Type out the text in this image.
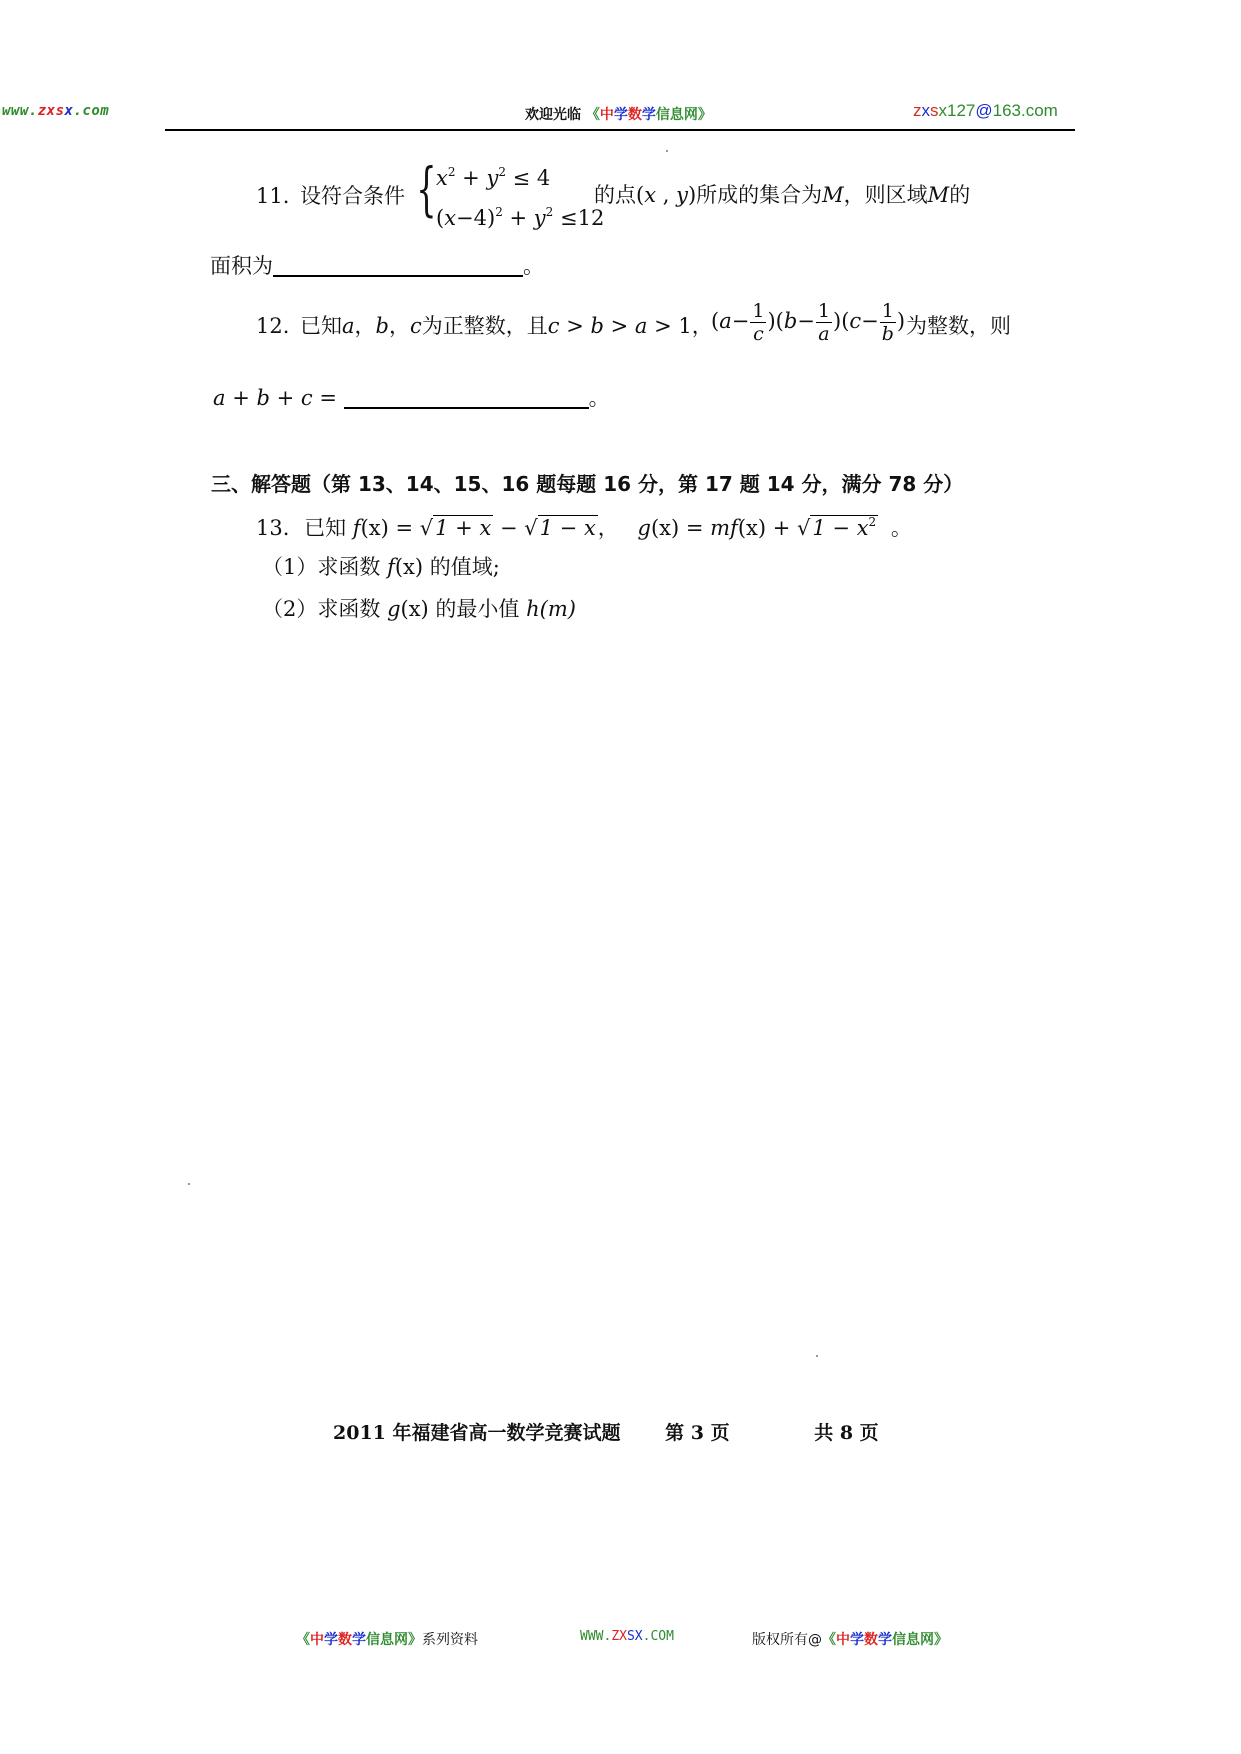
www.zxsx.com	欢迎光临 《中学数学信息网》	zxsx127@163.com
11. 设符合条件 { $x^2 + y^2 \le 4$
$(x-4)^2 + y^2 \le 12$
的点(x , y)所成的集合为M，则区域M的
面积为	。
12. 已知a，b，c为正整数，且c > b > a > 1，
$(a- \frac{1}{c} )(b- \frac{1}{a} )(c- \frac{1}{b}$ ) 为整数，则
a + b + c =	。
三、解答题（第 13、14、15、16 题每题 16 分，第 17 题 14 分，满分 78 分）
13. 已知 f(x) = √1 + x − √1 − x， $g(x) = mf(x) + √1 - x^2$ 。
（1）求函数 f(x) 的值域;
（2）求函数 g(x) 的最小值 h(m)
2011 年福建省高一数学竞赛试题 第 3 页	共 8 页
《中学数学信息网》系列资料	WWW.ZXSX.COM	版权所有@《中学数学信息网》
